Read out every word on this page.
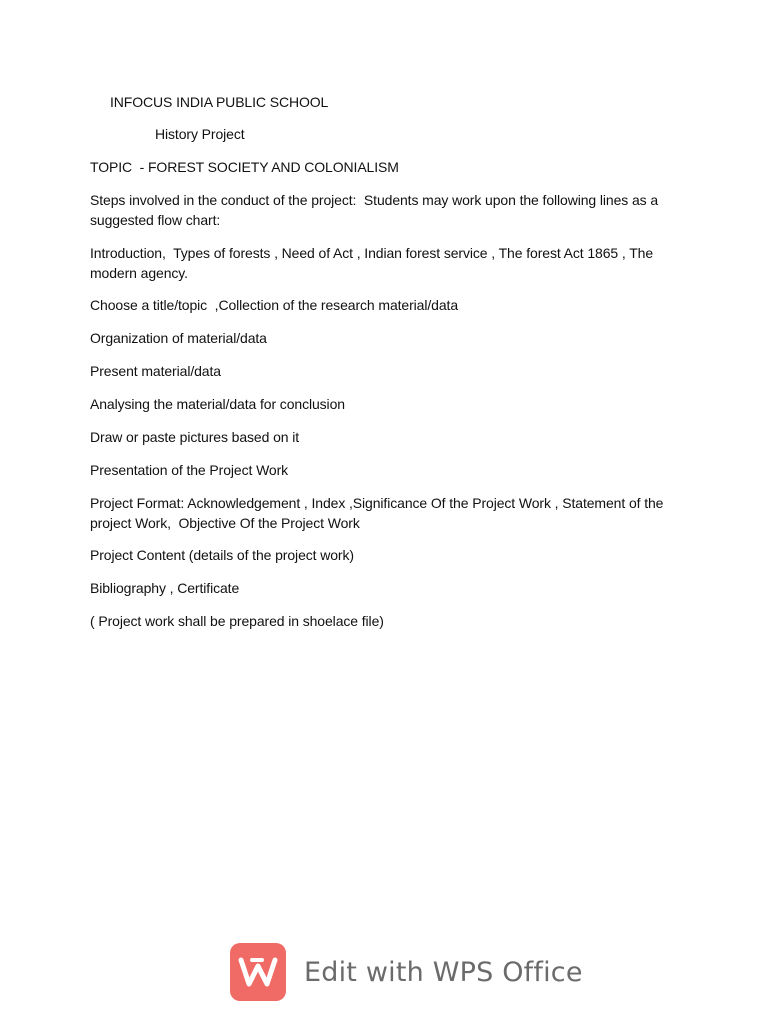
INFOCUS INDIA PUBLIC SCHOOL
History Project
TOPIC  - FOREST SOCIETY AND COLONIALISM
Steps involved in the conduct of the project:  Students may work upon the following lines as a suggested flow chart:
Introduction,  Types of forests , Need of Act , Indian forest service , The forest Act 1865 , The modern agency.
Choose a title/topic  ,Collection of the research material/data
Organization of material/data
Present material/data
Analysing the material/data for conclusion
Draw or paste pictures based on it
Presentation of the Project Work
Project Format: Acknowledgement , Index ,Significance Of the Project Work , Statement of the project Work,  Objective Of the Project Work
Project Content (details of the project work)
Bibliography , Certificate
( Project work shall be prepared in shoelace file)
Edit with WPS Office
